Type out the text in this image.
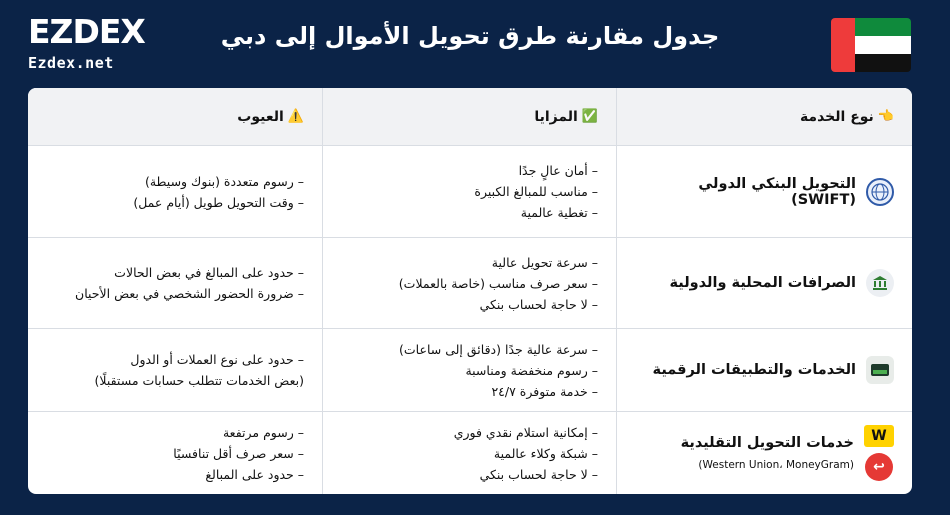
EZDEX
Ezdex.net
جدول مقارنة طرق تحويل الأموال إلى دبي
👈
نوع الخدمة
✅
المزايا
⚠️
العيوب
التحويل البنكي الدولي (SWIFT)
– أمان عالٍ جدًا
– مناسب للمبالغ الكبيرة
– تغطية عالمية
– رسوم متعددة (بنوك وسيطة)
– وقت التحويل طويل (أيام عمل)
الصرافات المحلية والدولية
– سرعة تحويل عالية
– سعر صرف مناسب (خاصة بالعملات)
– لا حاجة لحساب بنكي
– حدود على المبالغ في بعض الحالات
– ضرورة الحضور الشخصي في بعض الأحيان
الخدمات والتطبيقات الرقمية
– سرعة عالية جدًا (دقائق إلى ساعات)
– رسوم منخفضة ومناسبة
– خدمة متوفرة ٢٤/٧
– حدود على نوع العملات أو الدول
(بعض الخدمات تتطلب حسابات مستقبلًا)
W
↩
خدمات التحويل التقليدية
(Western Union، MoneyGram)
– إمكانية استلام نقدي فوري
– شبكة وكلاء عالمية
– لا حاجة لحساب بنكي
– رسوم مرتفعة
– سعر صرف أقل تنافسيًا
– حدود على المبالغ
